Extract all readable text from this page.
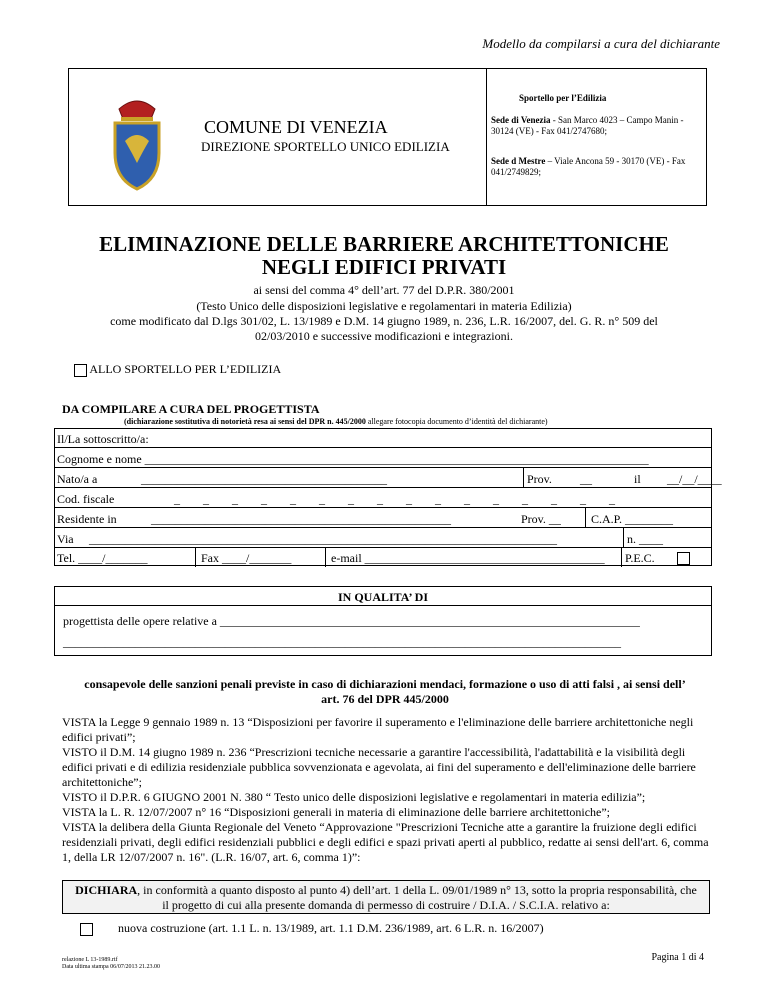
Modello da compilarsi a cura del dichiarante
COMUNE DI VENEZIA
DIREZIONE SPORTELLO UNICO EDILIZIA
Sportello per l’Edilizia
Sede di Venezia - San Marco 4023 – Campo Manin - 30124 (VE) - Fax 041/2747680;
Sede d Mestre – Viale Ancona 59 - 30170 (VE) - Fax 041/2749829;
ELIMINAZIONE DELLE BARRIERE ARCHITETTONICHE
NEGLI EDIFICI PRIVATI
ai sensi del comma 4° dell’art. 77 del D.P.R. 380/2001
(Testo Unico delle disposizioni legislative e regolamentari in materia Edilizia)
come modificato dal D.lgs 301/02, L. 13/1989 e D.M. 14 giugno 1989, n. 236, L.R. 16/2007, del. G. R. n° 509 del
02/03/2010 e successive modificazioni e integrazioni.
ALLO SPORTELLO PER L’EDILIZIA
DA COMPILARE A CURA DEL PROGETTISTA
(dichiarazione sostitutiva di notorietà resa ai sensi del DPR n. 445/2000 allegare fotocopia documento d’identità del dichiarante)
Il/La sottoscritto/a:
Cognome e nome ____________________________________________________________________________________
Nato/a a	_________________________________________	Prov. __	il __/__/____
Cod. fiscale	_ _ _ _ _ _ _ _ _ _ _ _ _ _ _ _
Residente in	__________________________________________________	Prov. __	C.A.P. ________
Via ______________________________________________________________________________	n. ____
Tel. ____/_______	Fax ____/_______	e-mail ________________________________________ P.E.C.
IN QUALITA’ DI
progettista delle opere relative a ______________________________________________________________________
_____________________________________________________________________________________________
consapevole delle sanzioni penali previste in caso di dichiarazioni mendaci, formazione o uso di atti falsi , ai sensi dell’ art. 76 del DPR 445/2000
VISTA la Legge 9 gennaio 1989 n. 13 “Disposizioni per favorire il superamento e l'eliminazione delle barriere architettoniche negli edifici privati”;
VISTO il D.M. 14 giugno 1989 n. 236 “Prescrizioni tecniche necessarie a garantire l'accessibilità, l'adattabilità e la visibilità degli edifici privati e di edilizia residenziale pubblica sovvenzionata e agevolata, ai fini del superamento e dell'eliminazione delle barriere architettoniche”;
VISTO il D.P.R. 6 GIUGNO 2001 N. 380 “ Testo unico delle disposizioni legislative e regolamentari in materia edilizia”;
VISTA la L. R. 12/07/2007 n° 16 “Disposizioni generali in materia di eliminazione delle barriere architettoniche”;
VISTA la delibera della Giunta Regionale del Veneto “Approvazione "Prescrizioni Tecniche atte a garantire la fruizione degli edifici residenziali privati, degli edifici residenziali pubblici e degli edifici e spazi privati aperti al pubblico, redatte ai sensi dell'art. 6, comma 1, della LR 12/07/2007 n. 16". (L.R. 16/07, art. 6, comma 1)”:
DICHIARA, in conformità a quanto disposto al punto 4) dell’art. 1 della L. 09/01/1989 n° 13, sotto la propria responsabilità, che il progetto di cui alla presente domanda di permesso di costruire / D.I.A. / S.C.I.A. relativo a:
nuova costruzione (art. 1.1 L. n. 13/1989, art. 1.1 D.M. 236/1989, art. 6 L.R. n. 16/2007)
relazione L 13-1989.rtf
Data ultima stampa 06/07/2013 21.23.00
Pagina 1 di 4
